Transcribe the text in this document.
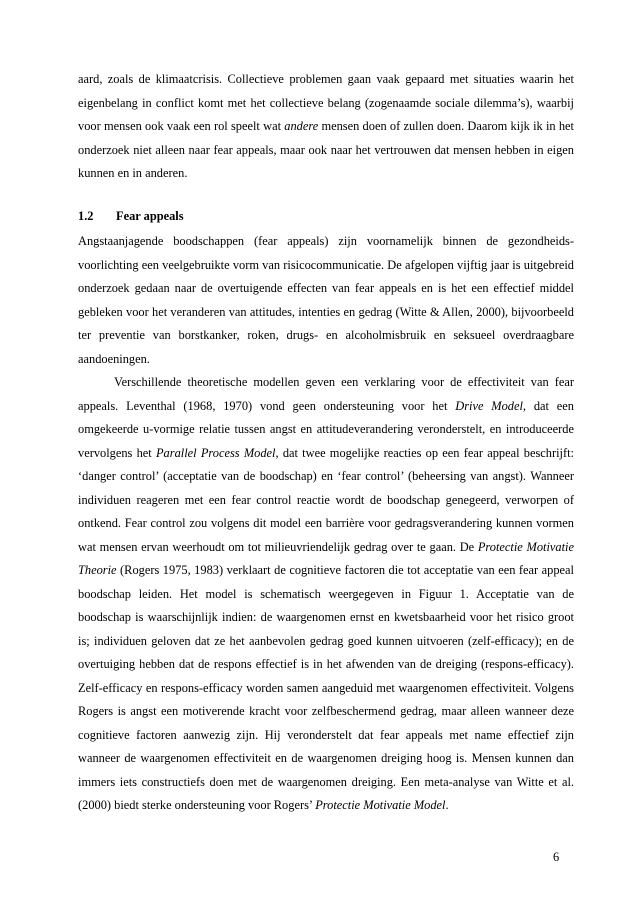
aard, zoals de klimaatcrisis. Collectieve problemen gaan vaak gepaard met situaties waarin het eigenbelang in conflict komt met het collectieve belang (zogenaamde sociale dilemma’s), waarbij voor mensen ook vaak een rol speelt wat andere mensen doen of zullen doen. Daarom kijk ik in het onderzoek niet alleen naar fear appeals, maar ook naar het vertrouwen dat mensen hebben in eigen kunnen en in anderen.

1.2 Fear appeals

Angstaanjagende boodschappen (fear appeals) zijn voornamelijk binnen de gezondheids- voorlichting een veelgebruikte vorm van risicocommunicatie. De afgelopen vijftig jaar is uitgebreid onderzoek gedaan naar de overtuigende effecten van fear appeals en is het een effectief middel gebleken voor het veranderen van attitudes, intenties en gedrag (Witte & Allen, 2000), bijvoorbeeld ter preventie van borstkanker, roken, drugs- en alcoholmisbruik en seksueel overdraagbare aandoeningen.

Verschillende theoretische modellen geven een verklaring voor de effectiviteit van fear appeals. Leventhal (1968, 1970) vond geen ondersteuning voor het Drive Model, dat een omgekeerde u-vormige relatie tussen angst en attitudeverandering veronderstelt, en introduceerde vervolgens het Parallel Process Model, dat twee mogelijke reacties op een fear appeal beschrijft: ‘danger control’ (acceptatie van de boodschap) en ‘fear control’ (beheersing van angst). Wanneer individuen reageren met een fear control reactie wordt de boodschap genegeerd, verworpen of ontkend. Fear control zou volgens dit model een barrière voor gedragsverandering kunnen vormen wat mensen ervan weerhoudt om tot milieuvriendelijk gedrag over te gaan. De Protectie Motivatie Theorie (Rogers 1975, 1983) verklaart de cognitieve factoren die tot acceptatie van een fear appeal boodschap leiden. Het model is schematisch weergegeven in Figuur 1. Acceptatie van de boodschap is waarschijnlijk indien: de waargenomen ernst en kwetsbaarheid voor het risico groot is; individuen geloven dat ze het aanbevolen gedrag goed kunnen uitvoeren (zelf-efficacy); en de overtuiging hebben dat de respons effectief is in het afwenden van de dreiging (respons-efficacy). Zelf-efficacy en respons-efficacy worden samen aangeduid met waargenomen effectiviteit. Volgens Rogers is angst een motiverende kracht voor zelfbeschermend gedrag, maar alleen wanneer deze cognitieve factoren aanwezig zijn. Hij veronderstelt dat fear appeals met name effectief zijn wanneer de waargenomen effectiviteit en de waargenomen dreiging hoog is. Mensen kunnen dan immers iets constructiefs doen met de waargenomen dreiging. Een meta-analyse van Witte et al. (2000) biedt sterke ondersteuning voor Rogers’ Protectie Motivatie Model.

6
